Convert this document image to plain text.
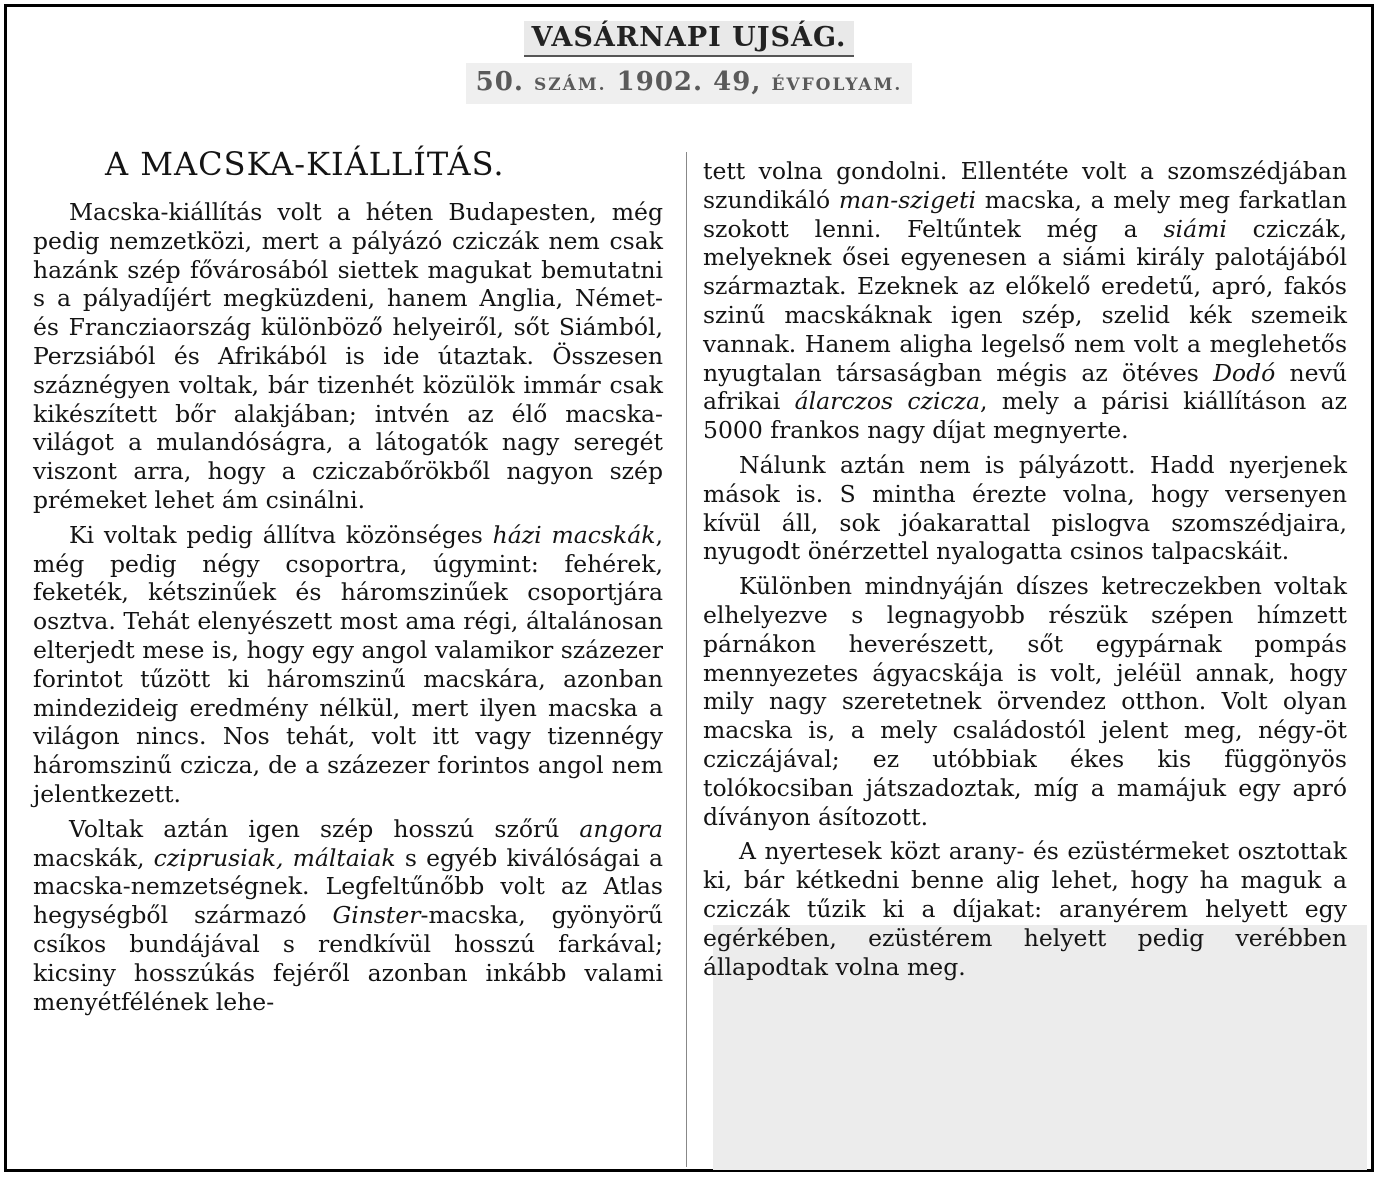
VASÁRNAPI UJSÁG.
50. SZÁM. 1902. 49, ÉVFOLYAM.
A MACSKA-KIÁLLÍTÁS.

Macska-kiállítás volt a héten Budapesten, még pedig nemzetközi, mert a pályázó cziczák nem csak hazánk szép fővárosából siettek magukat bemutatni s a pályadíjért megküzdeni, hanem Anglia, Német- és Francziaország különböző helyeiről, sőt Siámból, Perzsiából és Afrikából is ide útaztak. Összesen száznégyen voltak, bár tizenhét közülök immár csak kikészített bőr alakjában; intvén az élő macska-világot a mulandóságra, a látogatók nagy seregét viszont arra, hogy a cziczabőrökből nagyon szép prémeket lehet ám csinálni.

Ki voltak pedig állítva közönséges házi macskák, még pedig négy csoportra, úgymint: fehérek, feketék, kétszinűek és háromszinűek csoportjára osztva. Tehát elenyészett most ama régi, általánosan elterjedt mese is, hogy egy angol valamikor százezer forintot tűzött ki háromszinű macskára, azonban mindezideig eredmény nélkül, mert ilyen macska a világon nincs. Nos tehát, volt itt vagy tizennégy háromszinű czicza, de a százezer forintos angol nem jelentkezett.

Voltak aztán igen szép hosszú szőrű angora macskák, cziprusiak, máltaiak s egyéb kiválóságai a macska-nemzetségnek. Legfeltűnőbb volt az Atlas hegységből származó Ginster-macska, gyönyörű csíkos bundájával s rendkívül hosszú farkával; kicsiny hosszúkás fejéről azonban inkább valami menyétfélének lehe-

tett volna gondolni. Ellentéte volt a szomszédjában szundikáló man-szigeti macska, a mely meg farkatlan szokott lenni. Feltűntek még a siámi cziczák, melyeknek ősei egyenesen a siámi király palotájából származtak. Ezeknek az előkelő eredetű, apró, fakós szinű macskáknak igen szép, szelid kék szemeik vannak. Hanem aligha legelső nem volt a meglehetős nyugtalan társaságban mégis az ötéves Dodó nevű afrikai álarczos czicza, mely a párisi kiállításon az 5000 frankos nagy díjat megnyerte.

Nálunk aztán nem is pályázott. Hadd nyerjenek mások is. S mintha érezte volna, hogy versenyen kívül áll, sok jóakarattal pislogva szomszédjaira, nyugodt önérzettel nyalogatta csinos talpacskáit.

Különben mindnyáján díszes ketreczekben voltak elhelyezve s legnagyobb részük szépen hímzett párnákon heverészett, sőt egypárnak pompás mennyezetes ágyacskája is volt, jeléül annak, hogy mily nagy szeretetnek örvendez otthon. Volt olyan macska is, a mely családostól jelent meg, négy-öt cziczájával; ez utóbbiak ékes kis függönyös tolókocsiban játszadoztak, míg a mamájuk egy apró díványon ásítozott.

A nyertesek közt arany- és ezüstérmeket osztottak ki, bár kétkedni benne alig lehet, hogy ha maguk a cziczák tűzik ki a díjakat: aranyérem helyett egy egérkében, ezüstérem helyett pedig verébben állapodtak volna meg.
